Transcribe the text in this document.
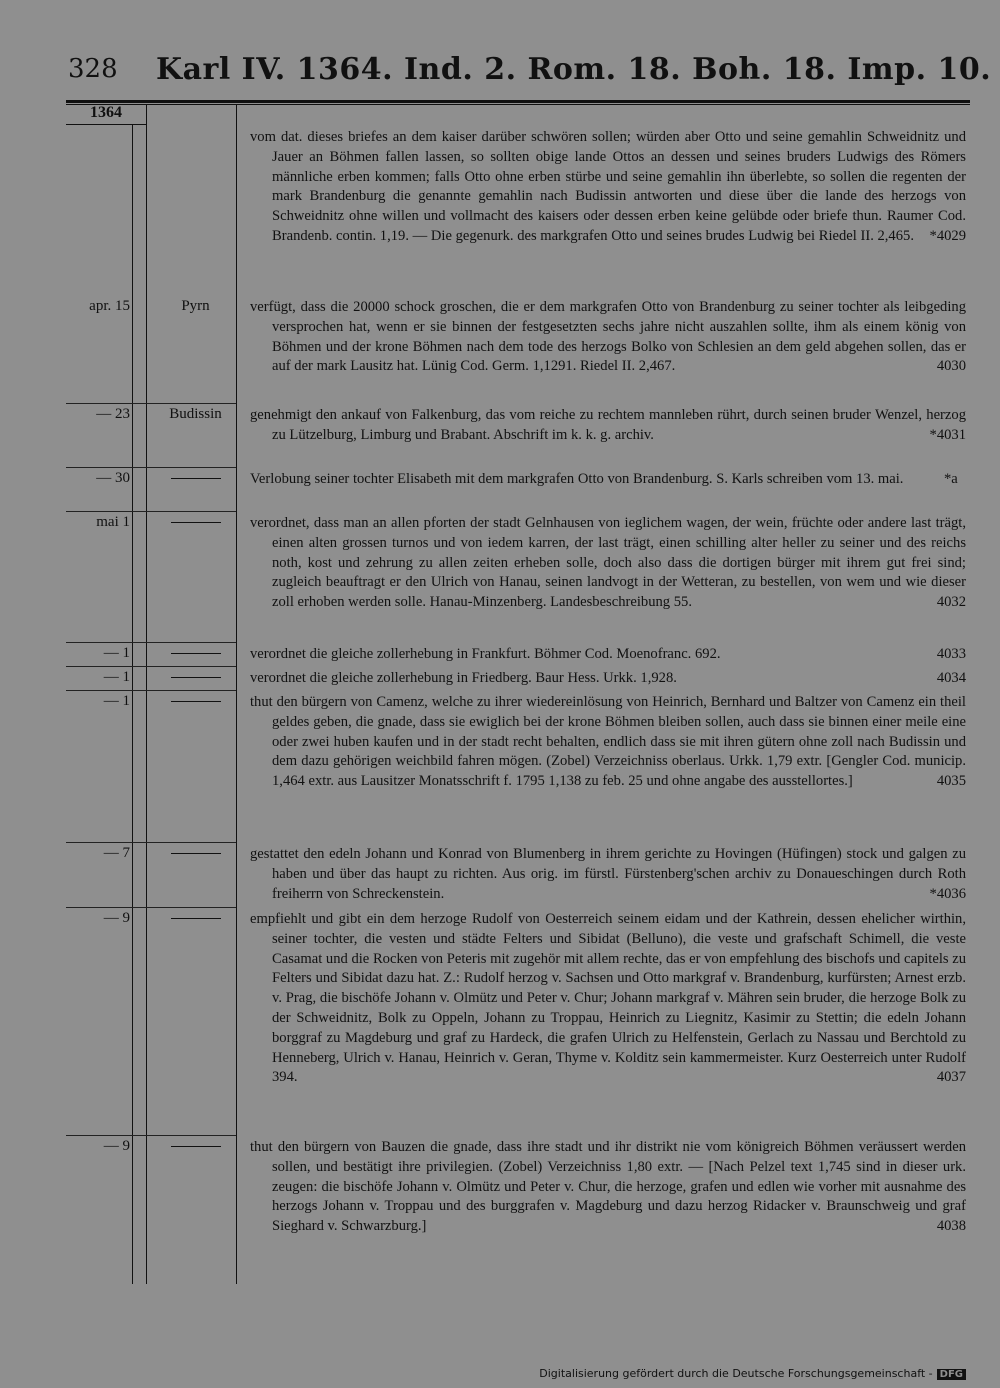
328 Karl IV. 1364. Ind. 2. Rom. 18. Boh. 18. Imp. 10.
1364
vom dat. dieses briefes an dem kaiser darüber schwören sollen; würden aber Otto und seine gemahlin Schweidnitz und Jauer an Böhmen fallen lassen, so sollten obige lande Ottos an dessen und seines bruders Ludwigs des Römers männliche erben kommen; falls Otto ohne erben stürbe und seine gemahlin ihn überlebte, so sollen die regenten der mark Brandenburg die genannte gemahlin nach Budissin antworten und diese über die lande des herzogs von Schweidnitz ohne willen und vollmacht des kaisers oder dessen erben keine gelübde oder briefe thun. Raumer Cod. Brandenb. contin. 1,19. — Die gegenurk. des markgrafen Otto und seines brudes Ludwig bei Riedel II. 2,465. *4029
apr. 15	Pyrn	verfügt, dass die 20000 schock groschen, die er dem markgrafen Otto von Brandenburg zu seiner tochter als leibgeding versprochen hat, wenn er sie binnen der festgesetzten sechs jahre nicht auszahlen sollte, ihm als einem könig von Böhmen und der krone Böhmen nach dem tode des herzogs Bolko von Schlesien an dem geld abgehen sollen, das er auf der mark Lausitz hat. Lünig Cod. Germ. 1,1291. Riedel II. 2,467.	4030
— 23	Budissin	genehmigt den ankauf von Falkenburg, das vom reiche zu rechtem mannleben rührt, durch seinen bruder Wenzel, herzog zu Lützelburg, Limburg und Brabant. Abschrift im k. k. g. archiv.	*4031
— 30	Verlobung seiner tochter Elisabeth mit dem markgrafen Otto von Brandenburg. S. Karls schreiben vom 13. mai.	*a
mai 1	verordnet, dass man an allen pforten der stadt Gelnhausen von ieglichem wagen, der wein, früchte oder andere last trägt, einen alten grossen turnos und von iedem karren, der last trägt, einen schilling alter heller zu seiner und des reichs noth, kost und zehrung zu allen zeiten erheben solle, doch also dass die dortigen bürger mit ihrem gut frei sind; zugleich beauftragt er den Ulrich von Hanau, seinen landvogt in der Wetteran, zu bestellen, von wem und wie dieser zoll erhoben werden solle. Hanau-Minzenberg. Landesbeschreibung 55.	4032
— 1	verordnet die gleiche zollerhebung in Frankfurt. Böhmer Cod. Moenofranc. 692.	4033
— 1	verordnet die gleiche zollerhebung in Friedberg. Baur Hess. Urkk. 1,928.	4034
— 1	thut den bürgern von Camenz, welche zu ihrer wiedereinlösung von Heinrich, Bernhard und Baltzer von Camenz ein theil geldes geben, die gnade, dass sie ewiglich bei der krone Böhmen bleiben sollen, auch dass sie binnen einer meile eine oder zwei huben kaufen und in der stadt recht behalten, endlich dass sie mit ihren gütern ohne zoll nach Budissin und dem dazu gehörigen weichbild fahren mögen. (Zobel) Verzeichniss oberlaus. Urkk. 1,79 extr. [Gengler Cod. municip. 1,464 extr. aus Lausitzer Monatsschrift f. 1795 1,138 zu feb. 25 und ohne angabe des ausstellortes.]	4035
— 7	gestattet den edeln Johann und Konrad von Blumenberg in ihrem gerichte zu Hovingen (Hüfingen) stock und galgen zu haben und über das haupt zu richten. Aus orig. im fürstl. Fürstenberg'schen archiv zu Donaueschingen durch Roth freiherrn von Schreckenstein.	*4036
— 9	empfiehlt und gibt ein dem herzoge Rudolf von Oesterreich seinem eidam und der Kathrein, dessen ehelicher wirthin, seiner tochter, die vesten und städte Felters und Sibidat (Belluno), die veste und grafschaft Schimell, die veste Casamat und die Rocken von Peteris mit zugehör mit allem rechte, das er von empfehlung des bischofs und capitels zu Felters und Sibidat dazu hat. Z.: Rudolf herzog v. Sachsen und Otto markgraf v. Brandenburg, kurfürsten; Arnest erzb. v. Prag, die bischöfe Johann v. Olmütz und Peter v. Chur; Johann markgraf v. Mähren sein bruder, die herzoge Bolk zu der Schweidnitz, Bolk zu Oppeln, Johann zu Troppau, Heinrich zu Liegnitz, Kasimir zu Stettin; die edeln Johann borggraf zu Magdeburg und graf zu Hardeck, die grafen Ulrich zu Helfenstein, Gerlach zu Nassau und Berchtold zu Henneberg, Ulrich v. Hanau, Heinrich v. Geran, Thyme v. Kolditz sein kammermeister. Kurz Oesterreich unter Rudolf 394.	4037
— 9	thut den bürgern von Bauzen die gnade, dass ihre stadt und ihr distrikt nie vom königreich Böhmen veräussert werden sollen, und bestätigt ihre privilegien. (Zobel) Verzeichniss 1,80 extr. — [Nach Pelzel text 1,745 sind in dieser urk. zeugen: die bischöfe Johann v. Olmütz und Peter v. Chur, die herzoge, grafen und edlen wie vorher mit ausnahme des herzogs Johann v. Troppau und des burggrafen v. Magdeburg und dazu herzog Ridacker v. Braunschweig und graf Sieghard v. Schwarzburg.]	4038
Digitalisierung gefördert durch die Deutsche Forschungsgemeinschaft - DFG
